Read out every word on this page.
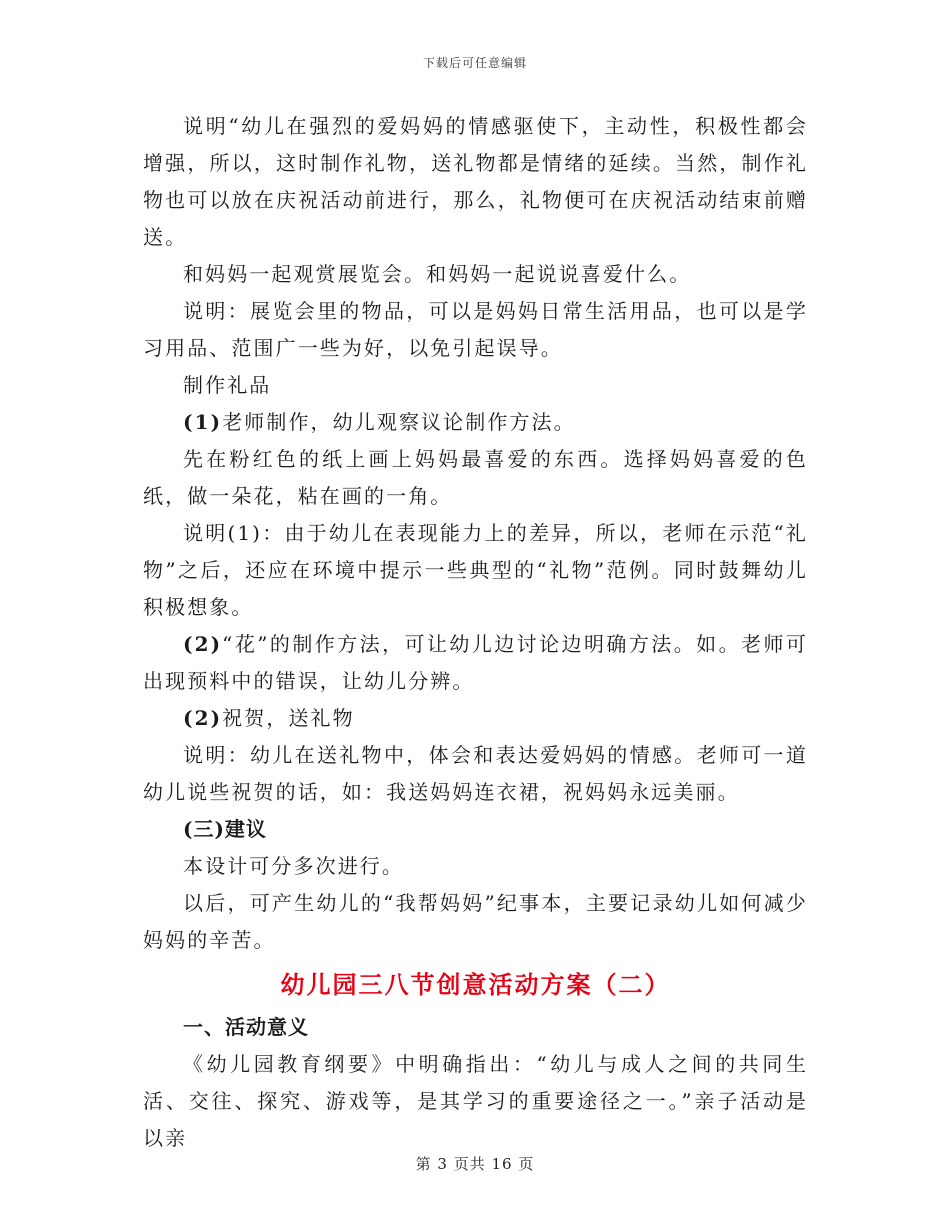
下载后可任意编辑

说明“幼儿在强烈的爱妈妈的情感驱使下，主动性，积极性都会增强，所以，这时制作礼物，送礼物都是情绪的延续。当然，制作礼物也可以放在庆祝活动前进行，那么，礼物便可在庆祝活动结束前赠送。

和妈妈一起观赏展览会。和妈妈一起说说喜爱什么。

说明：展览会里的物品，可以是妈妈日常生活用品，也可以是学习用品、范围广一些为好，以免引起误导。

制作礼品

(1)老师制作，幼儿观察议论制作方法。

先在粉红色的纸上画上妈妈最喜爱的东西。选择妈妈喜爱的色纸，做一朵花，粘在画的一角。

说明(1)：由于幼儿在表现能力上的差异，所以，老师在示范“礼物”之后，还应在环境中提示一些典型的“礼物”范例。同时鼓舞幼儿积极想象。

(2)“花”的制作方法，可让幼儿边讨论边明确方法。如。老师可出现预料中的错误，让幼儿分辨。

(2)祝贺，送礼物

说明：幼儿在送礼物中，体会和表达爱妈妈的情感。老师可一道幼儿说些祝贺的话，如：我送妈妈连衣裙，祝妈妈永远美丽。

(三)建议

本设计可分多次进行。

以后，可产生幼儿的“我帮妈妈”纪事本，主要记录幼儿如何减少妈妈的辛苦。

幼儿园三八节创意活动方案（二）

一、活动意义

《幼儿园教育纲要》中明确指出：“幼儿与成人之间的共同生活、交往、探究、游戏等，是其学习的重要途径之一。”亲子活动是以亲

第 3 页共 16 页
